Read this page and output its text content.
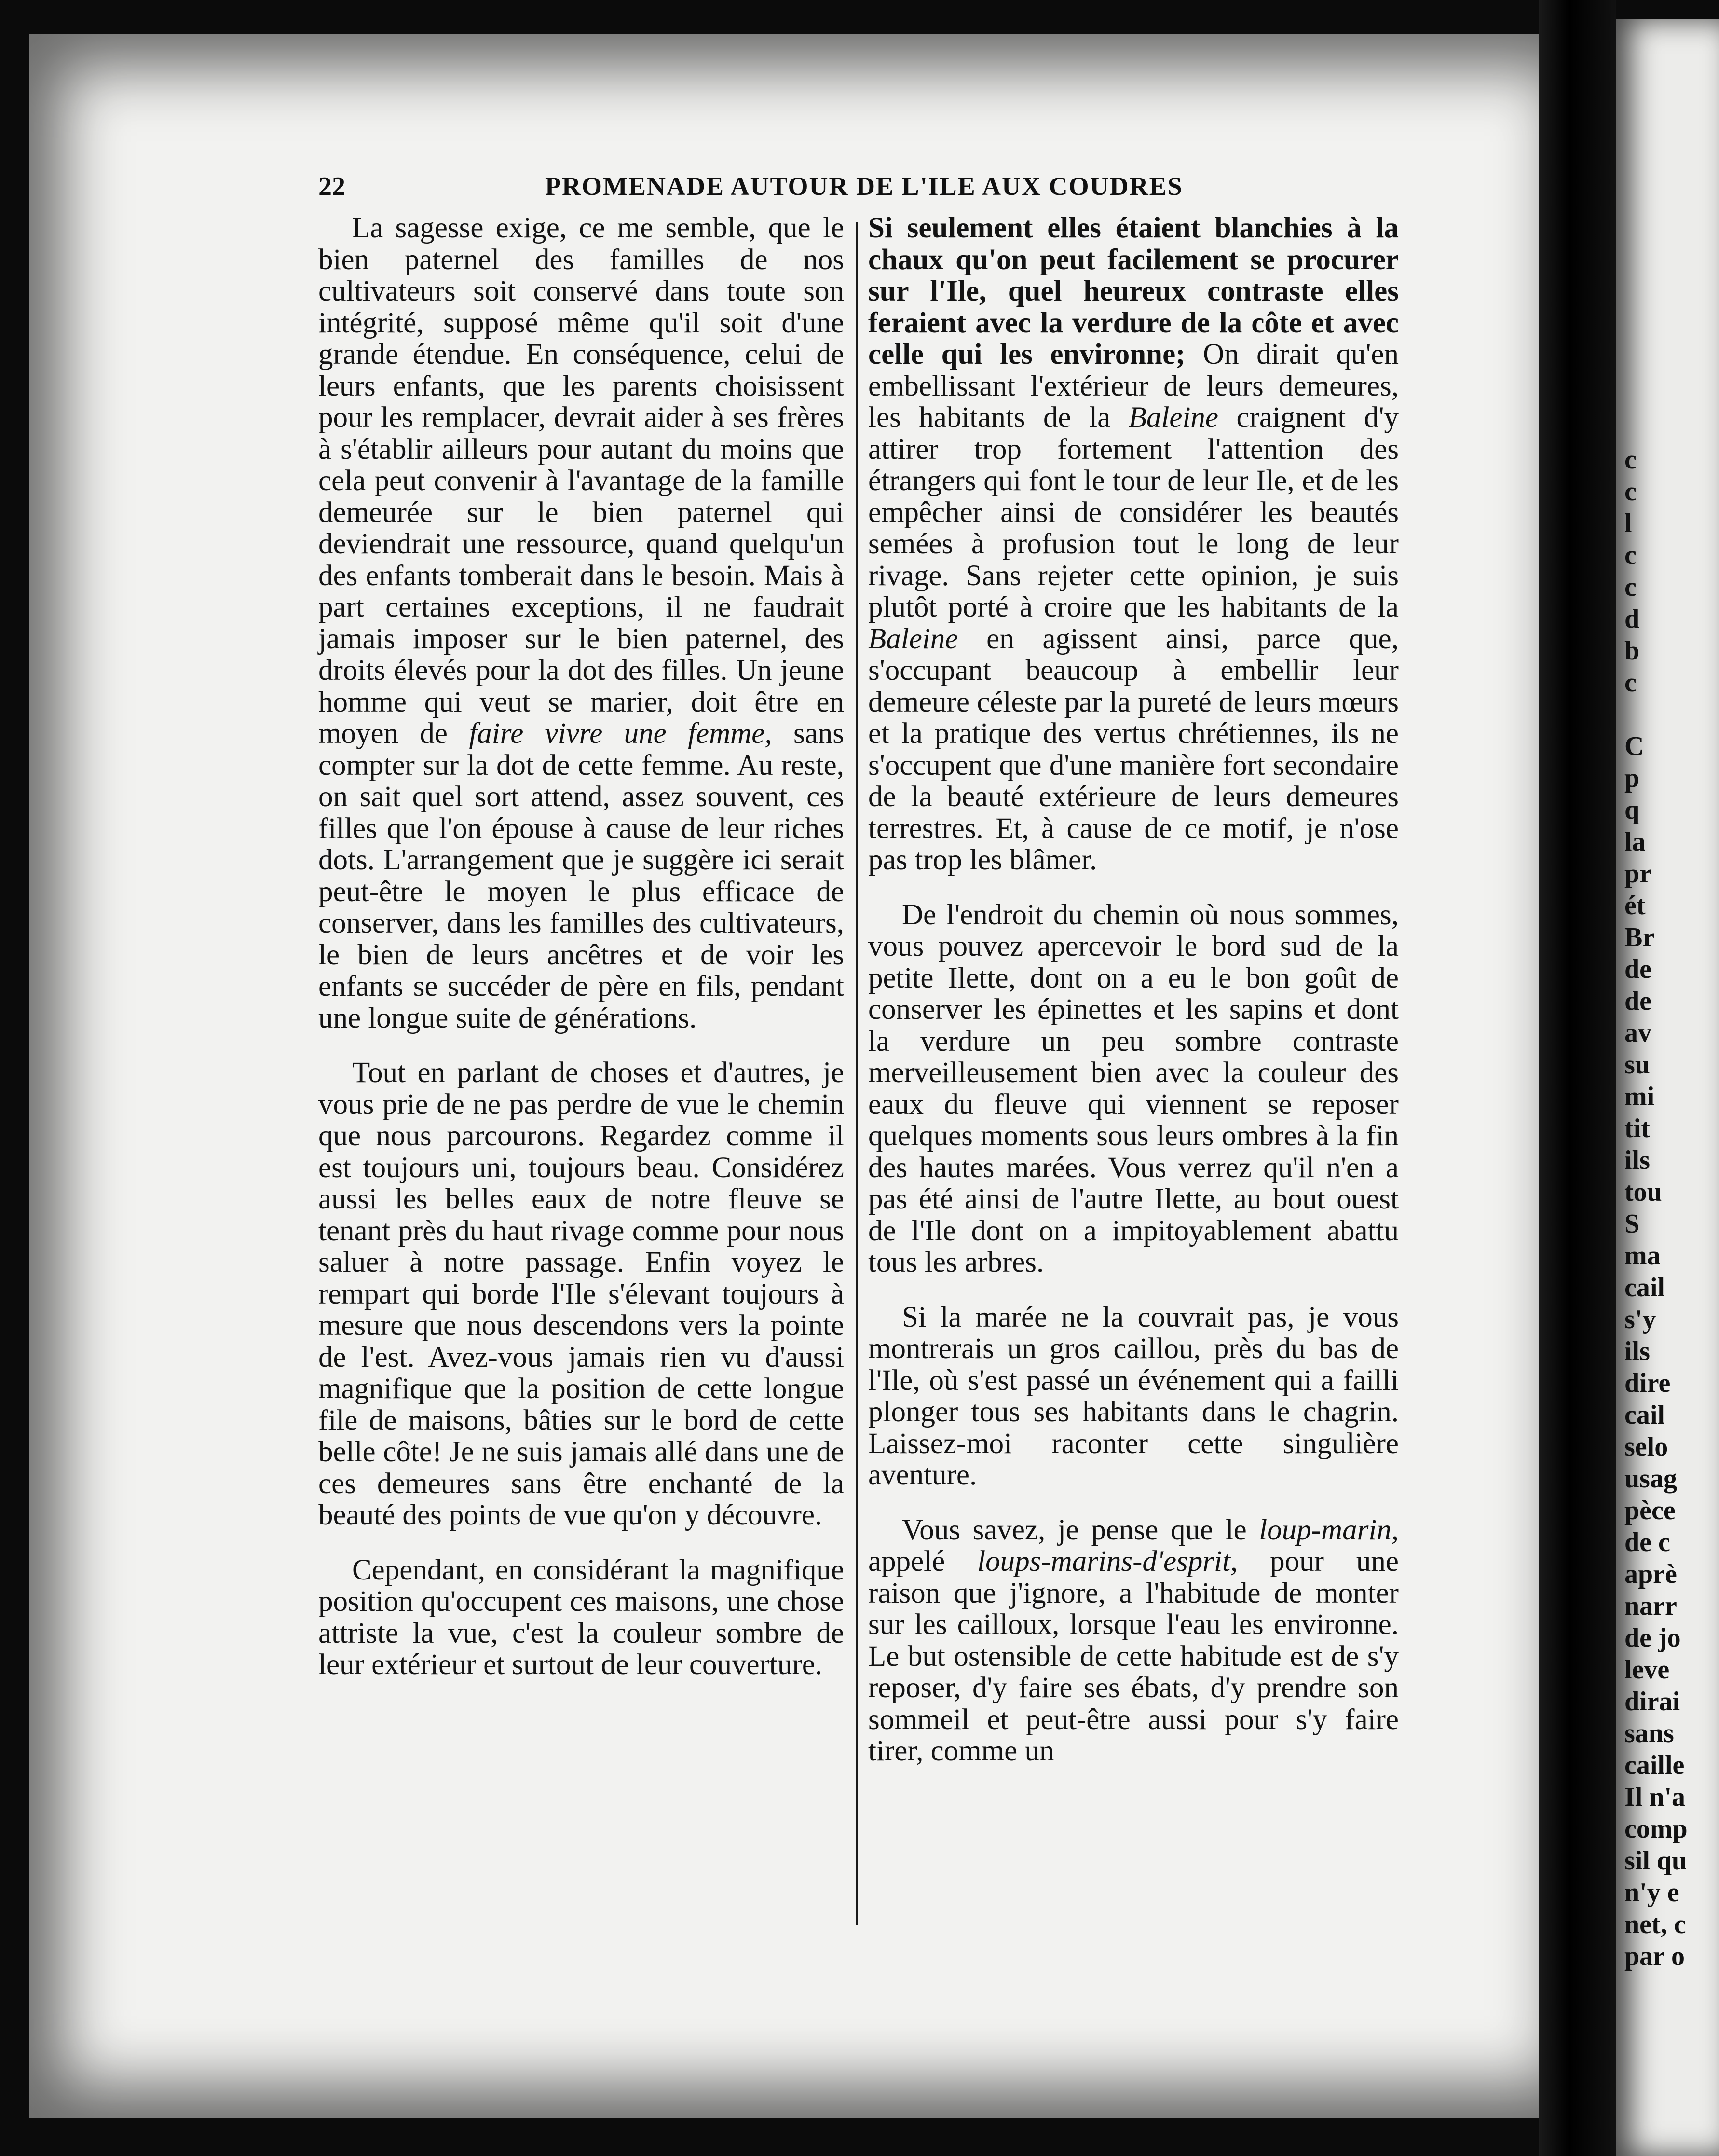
c
c
l
c
c
d
b
c

C
p
q
la
pr
ét
Br
de
de
av
su
mi
tit
ils
tou
S
ma
cail
s'y
ils
dire
cail
selo
usag
pèce
de c
aprè
narr
de jo
leve
dirai
sans
caille
Il n'a
comp
sil qu
n'y e
net, c
par o
22	PROMENADE AUTOUR DE L'ILE AUX COUDRES

La sagesse exige, ce me semble, que le bien paternel des familles de nos cultivateurs soit conservé dans toute son intégrité, supposé même qu'il soit d'une grande étendue. En conséquence, celui de leurs enfants, que les parents choisissent pour les remplacer, devrait aider à ses frères à s'établir ailleurs pour autant du moins que cela peut convenir à l'avantage de la famille demeurée sur le bien paternel qui deviendrait une ressource, quand quelqu'un des enfants tomberait dans le besoin. Mais à part certaines exceptions, il ne faudrait jamais imposer sur le bien paternel, des droits élevés pour la dot des filles. Un jeune homme qui veut se marier, doit être en moyen de faire vivre une femme, sans compter sur la dot de cette femme. Au reste, on sait quel sort attend, assez souvent, ces filles que l'on épouse à cause de leur riches dots. L'arrangement que je suggère ici serait peut-être le moyen le plus efficace de conserver, dans les familles des cultivateurs, le bien de leurs ancêtres et de voir les enfants se succéder de père en fils, pendant une longue suite de générations.

Tout en parlant de choses et d'autres, je vous prie de ne pas perdre de vue le chemin que nous parcourons. Regardez comme il est toujours uni, toujours beau. Considérez aussi les belles eaux de notre fleuve se tenant près du haut rivage comme pour nous saluer à notre passage. Enfin voyez le rempart qui borde l'Ile s'élevant toujours à mesure que nous descendons vers la pointe de l'est. Avez-vous jamais rien vu d'aussi magnifique que la position de cette longue file de maisons, bâties sur le bord de cette belle côte! Je ne suis jamais allé dans une de ces demeures sans être enchanté de la beauté des points de vue qu'on y découvre.

Cependant, en considérant la magnifique position qu'occupent ces maisons, une chose attriste la vue, c'est la couleur sombre de leur extérieur et surtout de leur couverture.

Si seulement elles étaient blanchies à la chaux qu'on peut facilement se procurer sur l'Ile, quel heureux contraste elles feraient avec la verdure de la côte et avec celle qui les environne; On dirait qu'en embellissant l'extérieur de leurs demeures, les habitants de la Baleine craignent d'y attirer trop fortement l'attention des étrangers qui font le tour de leur Ile, et de les empêcher ainsi de considérer les beautés semées à profusion tout le long de leur rivage. Sans rejeter cette opinion, je suis plutôt porté à croire que les habitants de la Baleine en agissent ainsi, parce que, s'occupant beaucoup à embellir leur demeure céleste par la pureté de leurs mœurs et la pratique des vertus chrétiennes, ils ne s'occupent que d'une manière fort secondaire de la beauté extérieure de leurs demeures terrestres. Et, à cause de ce motif, je n'ose pas trop les blâmer.

De l'endroit du chemin où nous sommes, vous pouvez apercevoir le bord sud de la petite Ilette, dont on a eu le bon goût de conserver les épinettes et les sapins et dont la verdure un peu sombre contraste merveilleusement bien avec la couleur des eaux du fleuve qui viennent se reposer quelques moments sous leurs ombres à la fin des hautes marées. Vous verrez qu'il n'en a pas été ainsi de l'autre Ilette, au bout ouest de l'Ile dont on a impitoyablement abattu tous les arbres.

Si la marée ne la couvrait pas, je vous montrerais un gros caillou, près du bas de l'Ile, où s'est passé un événement qui a failli plonger tous ses habitants dans le chagrin. Laissez-moi raconter cette singulière aventure.

Vous savez, je pense que le loup-marin, appelé loups-marins-d'esprit, pour une raison que j'ignore, a l'habitude de monter sur les cailloux, lorsque l'eau les environne. Le but ostensible de cette habitude est de s'y reposer, d'y faire ses ébats, d'y prendre son sommeil et peut-être aussi pour s'y faire tirer, comme un
